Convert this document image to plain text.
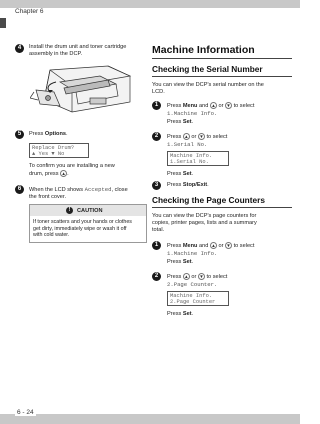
Chapter 6
4	Install the drum unit and toner cartridge
assembly in the DCP.
5	Press Options.
Replace Drum?
▲ Yes ▼ No
To confirm you are installing a new
drum, press ▲.
6	When the LCD shows Accepted, close
the front cover.
!	CAUTION
If toner scatters and your hands or clothes
get dirty, immediately wipe or wash it off
with cold water.
Machine Information
Checking the Serial Number
You can view the DCP's serial number on the
LCD.
1	Press Menu and ▲ or ▼ to select
1.Machine Info.
Press Set.
2	Press ▲ or ▼ to select
1.Serial No.
Machine Info.
1.Serial No.
Press Set.
3	Press Stop/Exit.
Checking the Page Counters
You can view the DCP's page counters for
copies, printer pages, lists and a summary
total.
1	Press Menu and ▲ or ▼ to select
1.Machine Info.
Press Set.
2	Press ▲ or ▼ to select
2.Page Counter.
Machine Info.
2.Page Counter
Press Set.
6 - 24
